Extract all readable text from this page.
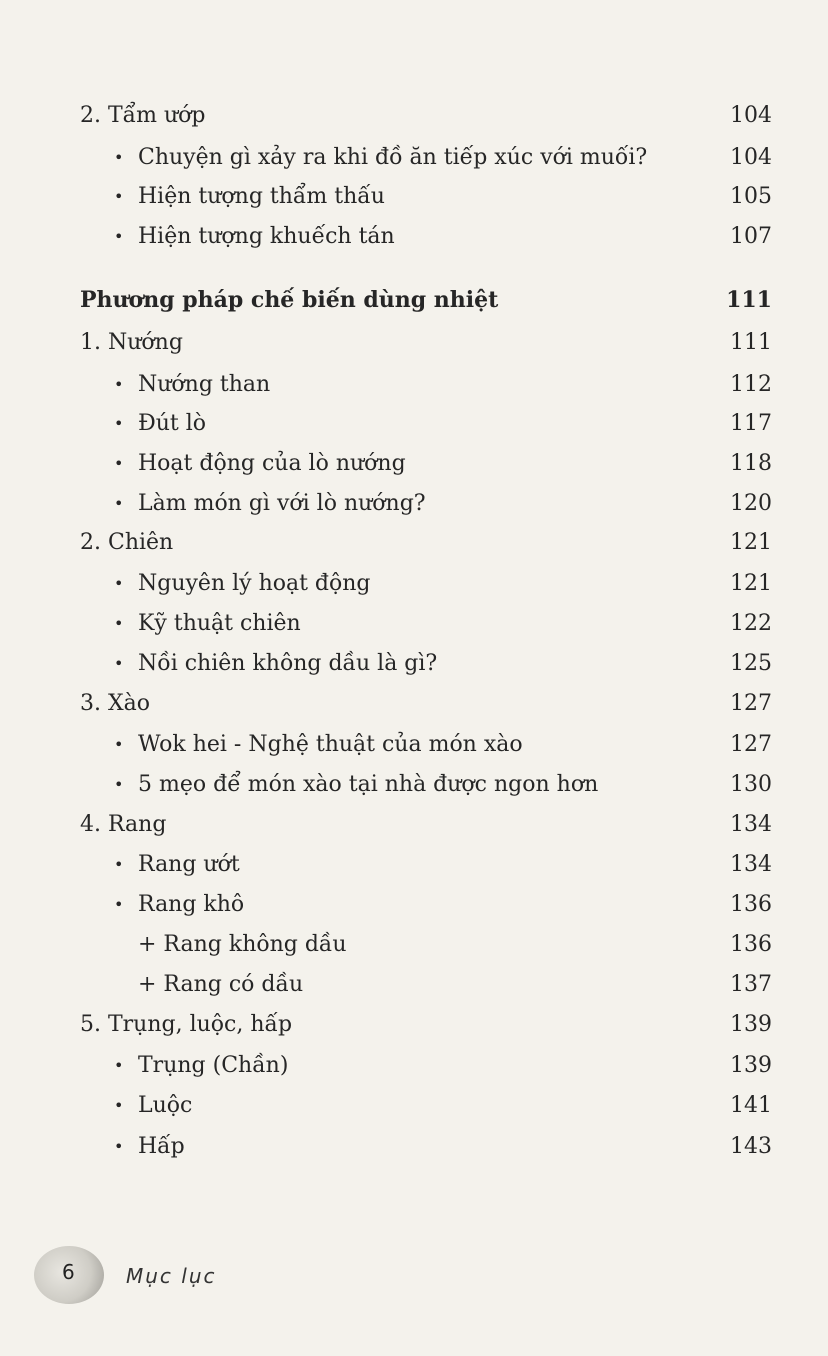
2. Tẩm ướp	104
• Chuyện gì xảy ra khi đồ ăn tiếp xúc với muối?	104
• Hiện tượng thẩm thấu	105
• Hiện tượng khuếch tán	107
Phương pháp chế biến dùng nhiệt	111
1. Nướng	111
• Nướng than	112
• Đút lò	117
• Hoạt động của lò nướng	118
• Làm món gì với lò nướng?	120
2. Chiên	121
• Nguyên lý hoạt động	121
• Kỹ thuật chiên	122
• Nồi chiên không dầu là gì?	125
3. Xào	127
• Wok hei - Nghệ thuật của món xào	127
• 5 mẹo để món xào tại nhà được ngon hơn	130
4. Rang	134
• Rang ướt	134
• Rang khô	136
+ Rang không dầu	136
+ Rang có dầu	137
5. Trụng, luộc, hấp	139
• Trụng (Chần)	139
• Luộc	141
• Hấp	143
6	Mục lục
